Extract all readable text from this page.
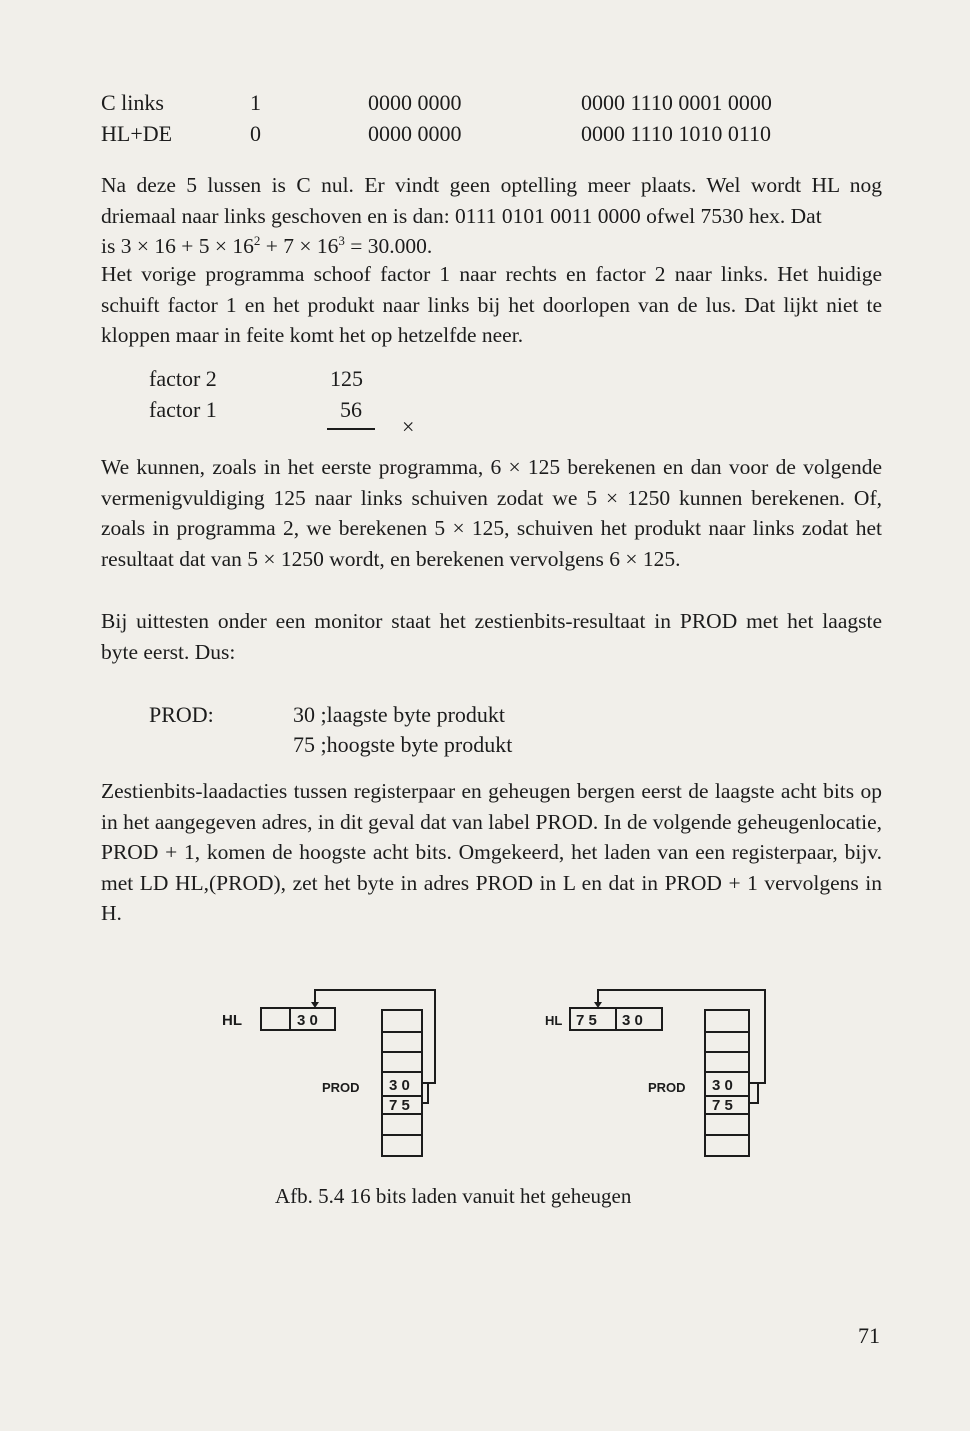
C links	1	0000 0000	0000 1110 0001 0000
HL+DE	0	0000 0000	0000 1110 1010 0110

Na deze 5 lussen is C nul. Er vindt geen optelling meer plaats. Wel wordt HL nog driemaal naar links geschoven en is dan: 0111 0101 0011 0000 ofwel 7530 hex. Dat

is $3 \times 16 + 5 \times 16^2 + 7 \times 16^3 = 30.000$.

Het vorige programma schoof factor 1 naar rechts en factor 2 naar links. Het huidige schuift factor 1 en het produkt naar links bij het doorlopen van de lus. Dat lijkt niet te kloppen maar in feite komt het op hetzelfde neer.

factor 2	125
factor 1	56
×

We kunnen, zoals in het eerste programma, 6 × 125 berekenen en dan voor de volgende vermenigvuldiging 125 naar links schuiven zodat we 5 × 1250 kunnen berekenen. Of, zoals in programma 2, we berekenen 5 × 125, schuiven het produkt naar links zodat het resultaat dat van 5 × 1250 wordt, en berekenen vervolgens 6 × 125.

Bij uittesten onder een monitor staat het zestienbits-resultaat in PROD met het laagste byte eerst. Dus:

PROD:	30 ;laagste byte produkt
75 ;hoogste byte produkt

Zestienbits-laadacties tussen registerpaar en geheugen bergen eerst de laagste acht bits op in het aangegeven adres, in dit geval dat van label PROD. In de volgende geheugenlocatie, PROD + 1, komen de hoogste acht bits. Omgekeerd, het laden van een registerpaar, bijv. met LD HL,(PROD), zet het byte in adres PROD in L en dat in PROD + 1 vervolgens in H.

HL	3 0
PROD 3 0
7 5
HL 7 5 3 0
PROD 3 0
7 5
Afb. 5.4 16 bits laden vanuit het geheugen
71
